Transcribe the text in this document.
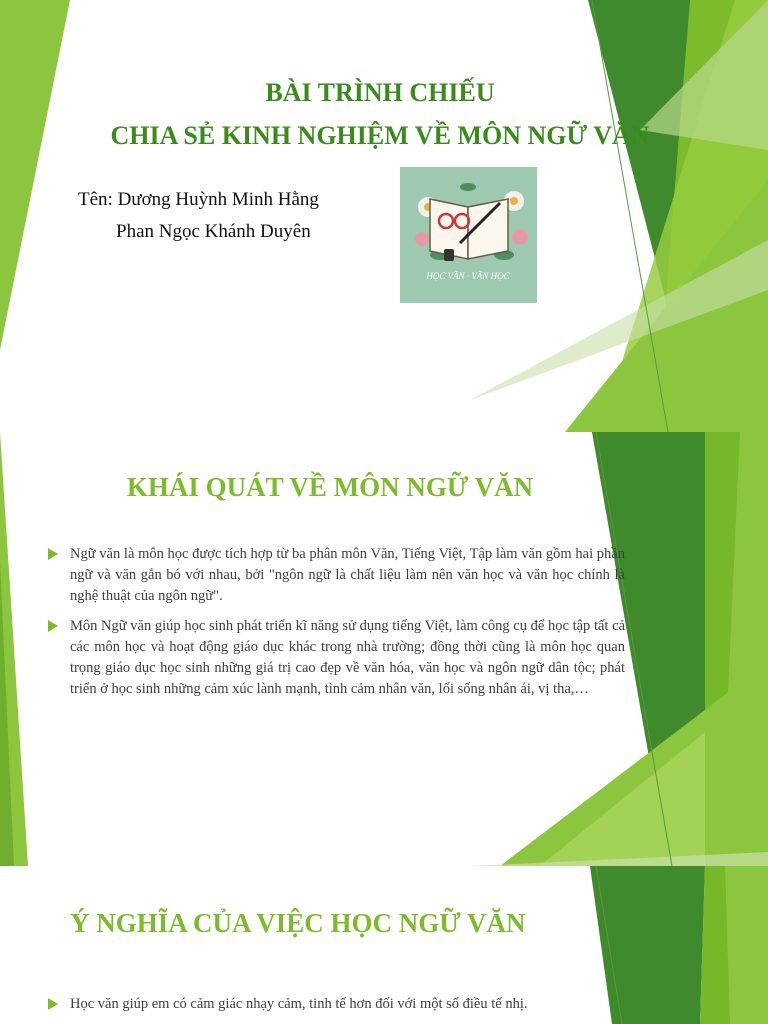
BÀI TRÌNH CHIẾU
CHIA SẺ KINH NGHIỆM VỀ MÔN NGỮ VĂN
Tên: Dương Huỳnh Minh Hằng
Phan Ngọc Khánh Duyên
HỌC VĂN · VĂN HỌC
KHÁI QUÁT VỀ MÔN NGỮ VĂN
Ngữ văn là môn học được tích hợp từ ba phân môn Văn, Tiếng Việt, Tập làm văn gồm hai phần ngữ và văn gắn bó với nhau, bởi "ngôn ngữ là chất liệu làm nên văn học và văn học chính là nghệ thuật của ngôn ngữ".
Môn Ngữ văn giúp học sinh phát triển kĩ năng sử dụng tiếng Việt, làm công cụ để học tập tất cả các môn học và hoạt động giáo dục khác trong nhà trường; đồng thời cũng là môn học quan trọng giáo dục học sinh những giá trị cao đẹp về văn hóa, văn học và ngôn ngữ dân tộc; phát triển ở học sinh những cảm xúc lành mạnh, tình cảm nhân văn, lối sống nhân ái, vị tha,…
Ý NGHĨA CỦA VIỆC HỌC NGỮ VĂN
Học văn giúp em có cảm giác nhạy cảm, tinh tế hơn đối với một số điều tế nhị.
